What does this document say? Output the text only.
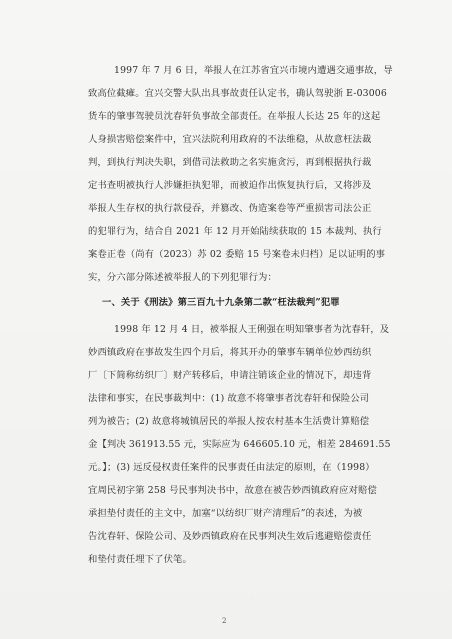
1997 年 7 月 6 日，举报人在江苏省宜兴市境内遭遇交通事故，导
致高位截瘫。宜兴交警大队出具事故责任认定书，确认驾驶浙 E-03006
货车的肇事驾驶员沈春轩负事故全部责任。在举报人长达 25 年的这起
人身损害赔偿案件中，宜兴法院利用政府的不法维稳，从故意枉法裁
判，到执行判决失职，到借司法救助之名实施贪污，再到根据执行裁
定书查明被执行人涉嫌拒执犯罪，而被迫作出恢复执行后，又将涉及
举报人生存权的执行款侵吞，并篡改、伪造案卷等严重损害司法公正
的犯罪行为，结合自 2021 年 12 月开始陆续获取的 15 本裁判、执行
案卷正卷（尚有（2023）苏 02 委赔 15 号案卷未归档）足以证明的事
实，分六部分陈述被举报人的下列犯罪行为：
一、关于《刑法》第三百九十九条第二款“枉法裁判”犯罪
1998 年 12 月 4 日，被举报人王俐强在明知肇事者为沈春轩，及
妙西镇政府在事故发生四个月后，将其开办的肇事车辆单位妙西纺织
厂〔下简称纺织厂〕财产转移后，申请注销该企业的情况下，却违背
法律和事实，在民事裁判中：(1) 故意不将肇事者沈春轩和保险公司
列为被告；(2) 故意将城镇居民的举报人按农村基本生活费计算赔偿
金【判决 361913.55 元，实际应为 646605.10 元，相差 284691.55
元。】；(3) 远反侵权责任案件的民事责任由法定的原则，在（1998）
宜周民初字第 258 号民事判决书中，故意在被告妙西镇政府应对赔偿
承担垫付责任的主文中，加塞“以纺织厂财产清理后”的表述，为被
告沈春轩、保险公司、及妙西镇政府在民事判决生效后逃避赔偿责任
和垫付责任埋下了伏笔。
2
